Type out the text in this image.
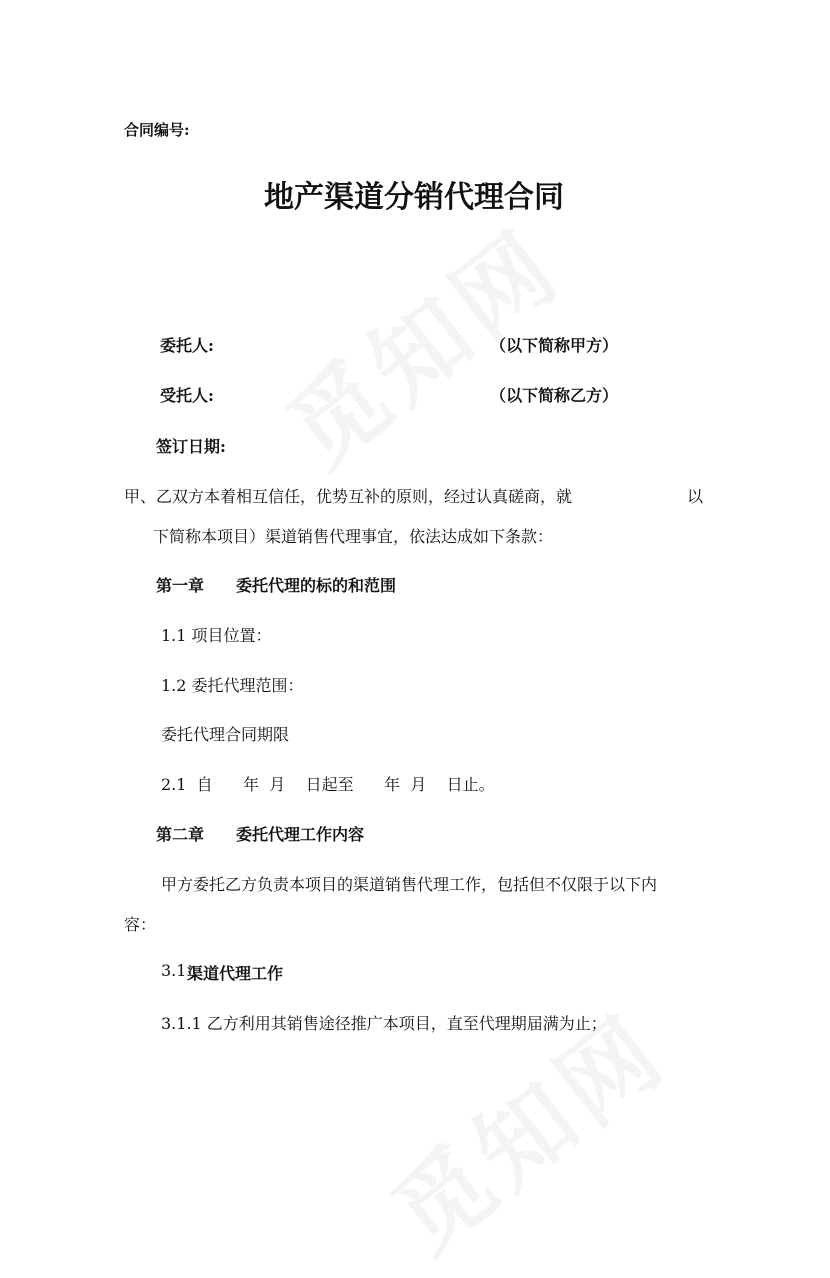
合同编号:
地产渠道分销代理合同
委托人:	（以下简称甲方）
受托人:	（以下简称乙方）
签订日期:
甲、乙双方本着相互信任，优势互补的原则，经过认真磋商，就	以
下简称本项目）渠道销售代理事宜，依法达成如下条款：
第一章 委托代理的标的和范围
1.1 项目位置：
1.2 委托代理范围：
委托代理合同期限
2.1  自      年  月    日起至      年  月    日止。
第二章 委托代理工作内容
甲方委托乙方负责本项目的渠道销售代理工作，包括但不仅限于以下内
容：
3.1 渠道代理工作
3.1.1 乙方利用其销售途径推广本项目，直至代理期届满为止；
